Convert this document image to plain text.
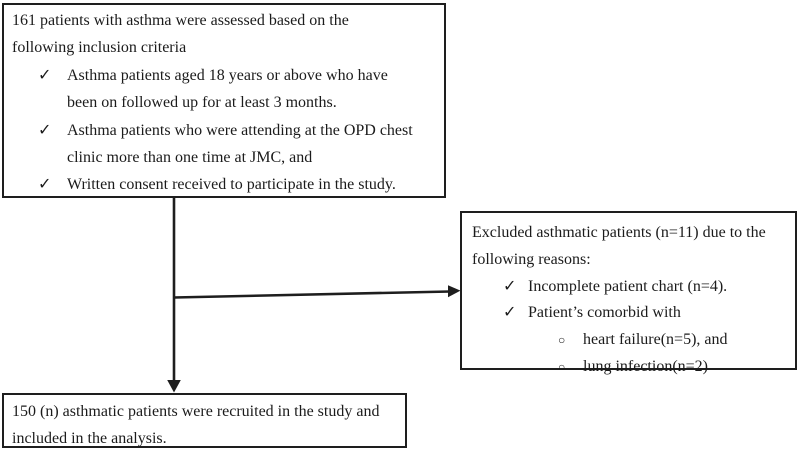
161 patients with asthma were assessed based on the
following inclusion criteria
✓ Asthma patients aged 18 years or above who have
been on followed up for at least 3 months.
✓ Asthma patients who were attending at the OPD chest
clinic more than one time at JMC, and
✓ Written consent received to participate in the study.
Excluded asthmatic patients (n=11) due to the
following reasons:
✓ Incomplete patient chart (n=4).
✓ Patient’s comorbid with
○	heart failure(n=5), and
○	lung infection(n=2)
150 (n) asthmatic patients were recruited in the study and
included in the analysis.
